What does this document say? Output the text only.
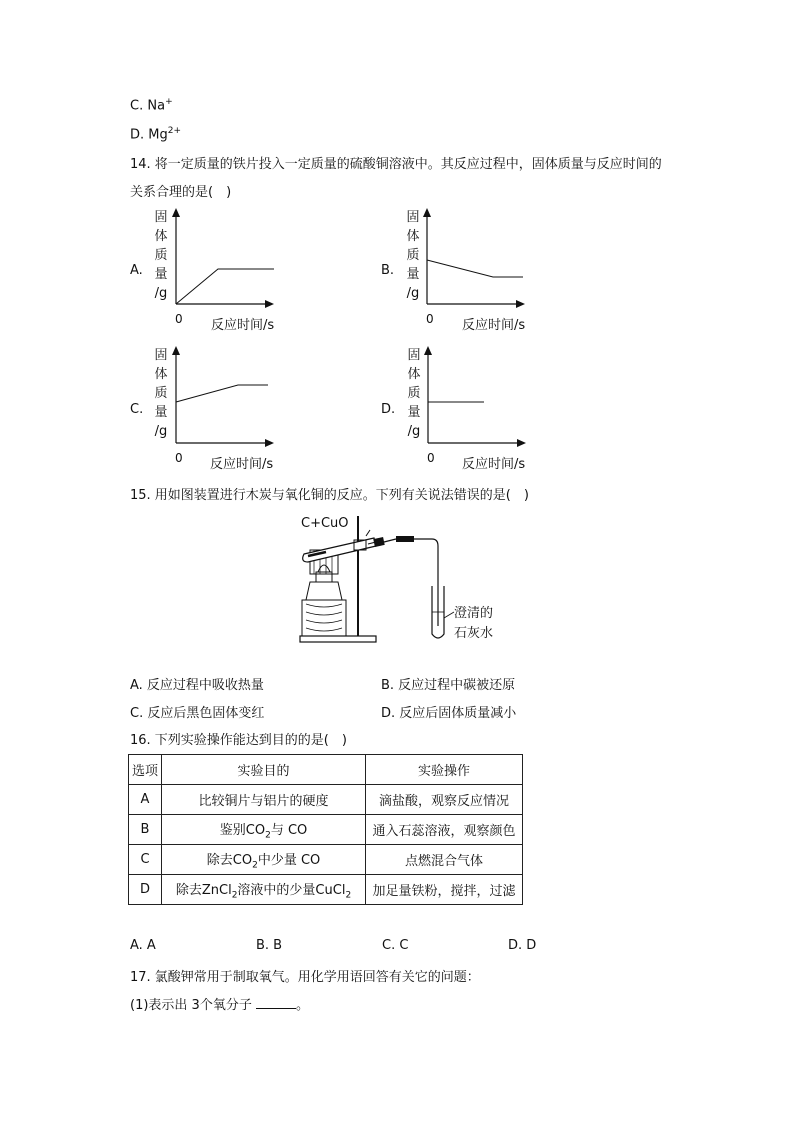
C. Na+
D. $Mg^{2+}$
14. 将一定质量的铁片投入一定质量的硫酸铜溶液中。其反应过程中，固体质量与反应时间的
关系合理的是(　)
A.
固
体
质
量
/g
0 反应时间/s
B.
固
体
质
量
/g
0 反应时间/s
C.
固
体
质
量
/g
0 反应时间/s
D.
固
体
质
量
/g
0 反应时间/s
15. 用如图装置进行木炭与氧化铜的反应。下列有关说法错误的是(　)
C+CuO
澄清的
石灰水
A. 反应过程中吸收热量	B. 反应过程中碳被还原
C. 反应后黑色固体变红	D. 反应后固体质量减小
16. 下列实验操作能达到目的的是(　)
选项	实验目的	实验操作
A	比较铜片与铝片的硬度	滴盐酸，观察反应情况
B	鉴别$CO_2$与 CO	通入石蕊溶液，观察颜色
C	除去$CO_2$中少量 CO	点燃混合气体
D	除去ZnCl$_2$溶液中的少量CuCl$_2$	加足量铁粉，搅拌，过滤
A. A	B. B	C. C	D. D
17. 氯酸钾常用于制取氧气。用化学用语回答有关它的问题：
(1)表示出 3个氧分子	。
